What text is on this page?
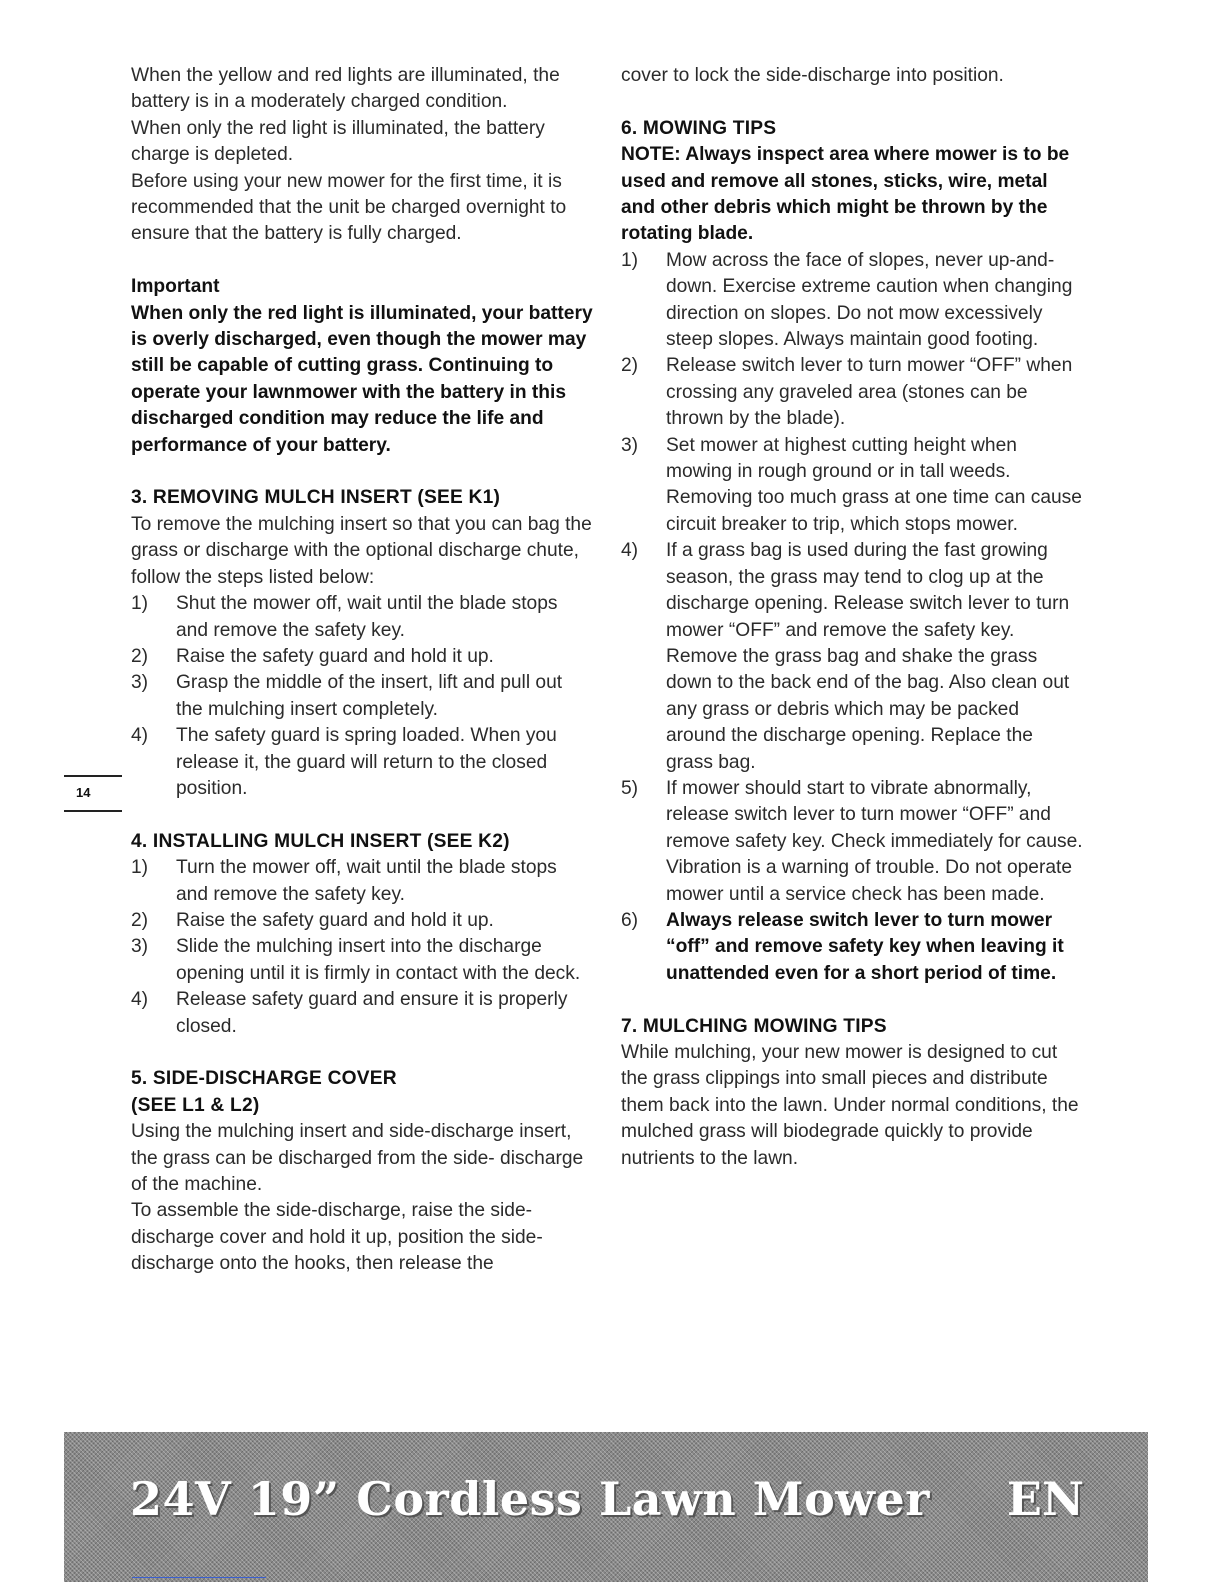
When the yellow and red lights are illuminated, the battery is in a moderately charged condition.

When only the red light is illuminated, the battery charge is depleted.

Before using your new mower for the first time, it is recommended that the unit be charged overnight to ensure that the battery is fully charged.

Important

When only the red light is illuminated, your battery is overly discharged, even though the mower may still be capable of cutting grass. Continuing to operate your lawnmower with the battery in this discharged condition may reduce the life and performance of your battery.

3. REMOVING MULCH INSERT (SEE K1)

To remove the mulching insert so that you can bag the grass or discharge with the optional discharge chute, follow the steps listed below:

1) Shut the mower off, wait until the blade stops and remove the safety key.
2) Raise the safety guard and hold it up.
3) Grasp the middle of the insert, lift and pull out the mulching insert completely.
4) The safety guard is spring loaded. When you release it, the guard will return to the closed position.

4. INSTALLING MULCH INSERT (SEE K2)

1) Turn the mower off, wait until the blade stops and remove the safety key.
2) Raise the safety guard and hold it up.
3) Slide the mulching insert into the discharge opening until it is firmly in contact with the deck.
4) Release safety guard and ensure it is properly closed.

5. SIDE-DISCHARGE COVER

(SEE L1 & L2)

Using the mulching insert and side-discharge insert, the grass can be discharged from the side- discharge of the machine.

To assemble the side-discharge, raise the side-discharge cover and hold it up, position the side-discharge onto the hooks, then release the

cover to lock the side-discharge into position.

6. MOWING TIPS

NOTE: Always inspect area where mower is to be used and remove all stones, sticks, wire, metal and other debris which might be thrown by the rotating blade.

1) Mow across the face of slopes, never up-and-down. Exercise extreme caution when changing direction on slopes. Do not mow excessively steep slopes. Always maintain good footing.
2) Release switch lever to turn mower “OFF” when crossing any graveled area (stones can be thrown by the blade).
3) Set mower at highest cutting height when mowing in rough ground or in tall weeds. Removing too much grass at one time can cause circuit breaker to trip, which stops mower.
4) If a grass bag is used during the fast growing season, the grass may tend to clog up at the discharge opening. Release switch lever to turn mower “OFF” and remove the safety key. Remove the grass bag and shake the grass down to the back end of the bag. Also clean out any grass or debris which may be packed around the discharge opening. Replace the grass bag.
5) If mower should start to vibrate abnormally, release switch lever to turn mower “OFF” and remove safety key. Check immediately for cause. Vibration is a warning of trouble. Do not operate mower until a service check has been made.
6) Always release switch lever to turn mower “off” and remove safety key when leaving it unattended even for a short period of time.

7. MULCHING MOWING TIPS

While mulching, your new mower is designed to cut the grass clippings into small pieces and distribute them back into the lawn. Under normal conditions, the mulched grass will biodegrade quickly to provide nutrients to the lawn.

14
24V 19” Cordless Lawn Mower EN
